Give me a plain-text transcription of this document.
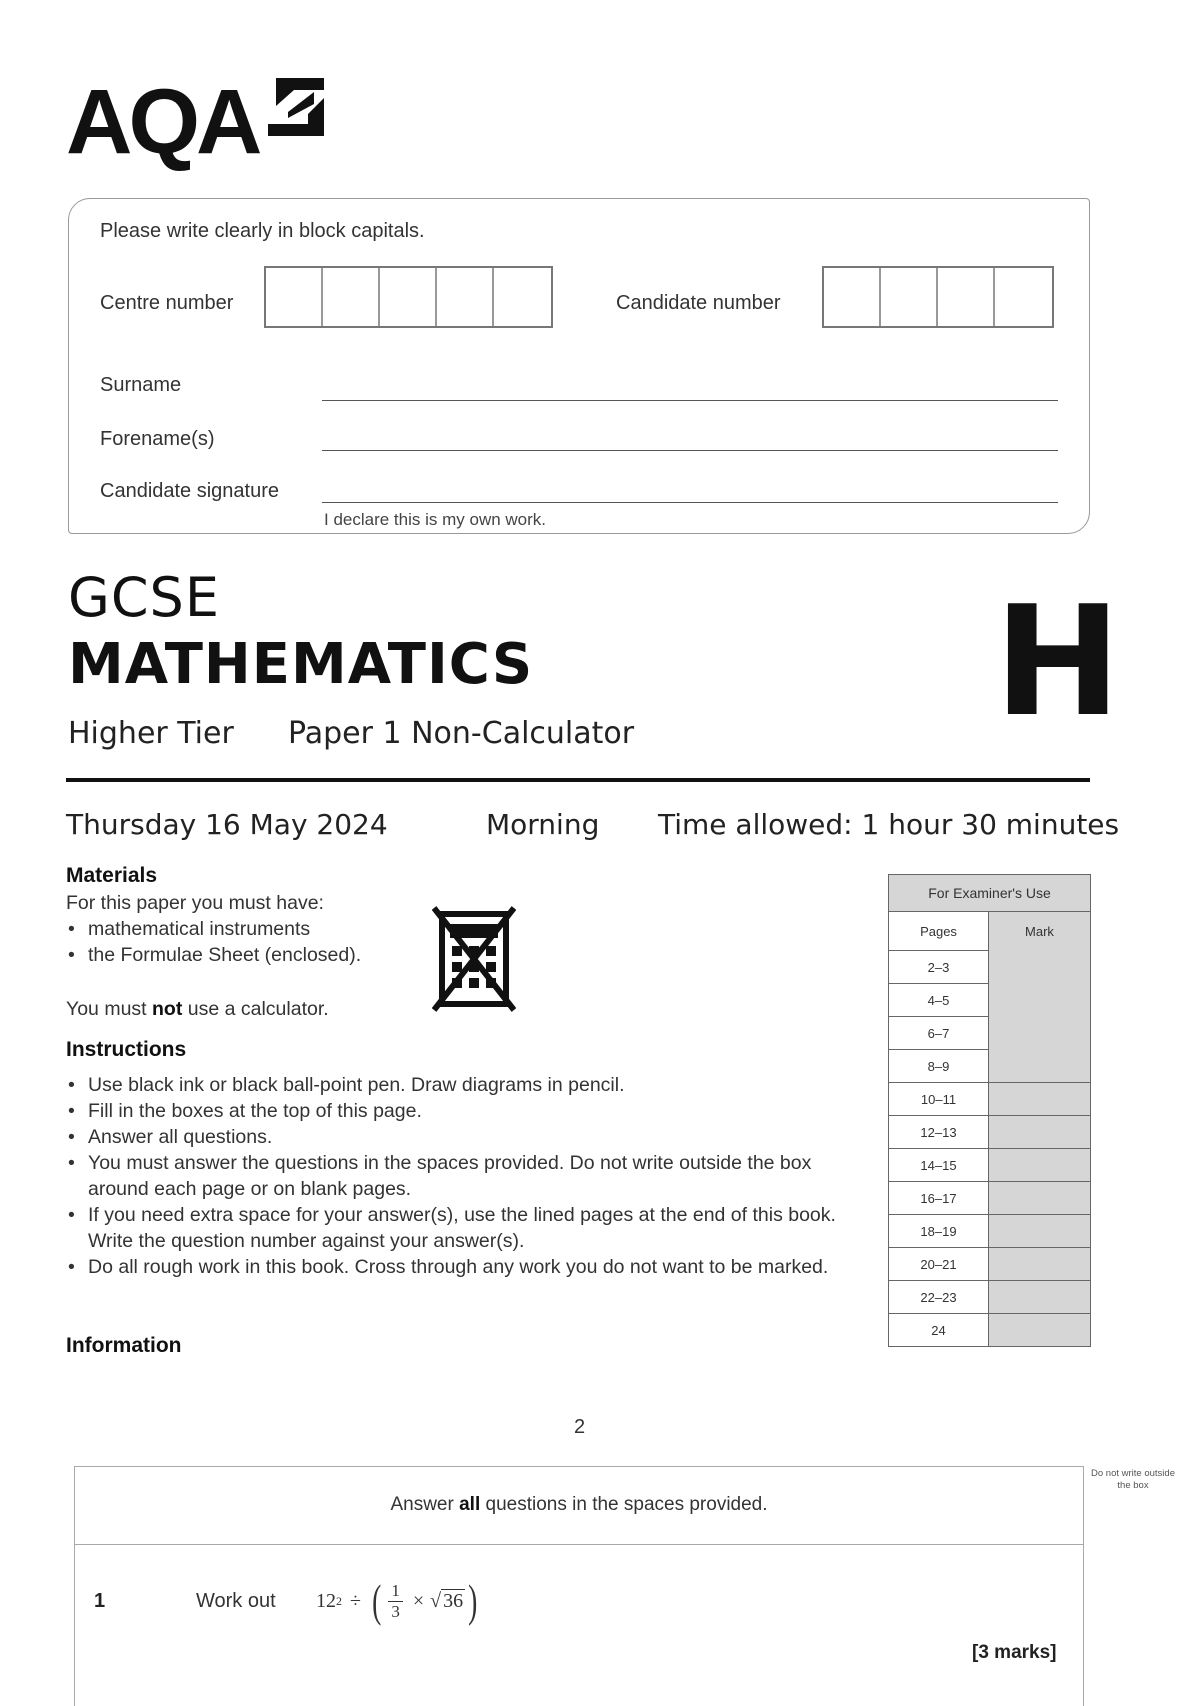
AQA
Please write clearly in block capitals.
Centre number	Candidate number
Surname
Forename(s)
Candidate signature
I declare this is my own work.
GCSE
MATHEMATICS
Higher Tier Paper 1 Non-Calculator H
Thursday 16 May 2024	Morning Time allowed: 1 hour 30 minutes
Materials
For this paper you must have:
• mathematical instruments
• the Formulae Sheet (enclosed).
You must not use a calculator.
Instructions
• Use black ink or black ball-point pen. Draw diagrams in pencil.
• Fill in the boxes at the top of this page.
• Answer all questions.
• You must answer the questions in the spaces provided. Do not write outside the box around each page or on blank pages.
• If you need extra space for your answer(s), use the lined pages at the end of this book. Write the question number against your answer(s).
• Do all rough work in this book. Cross through any work you do not want to be marked.
Information
For Examiner's Use	
Pages	Mark
2–3	
4–5	
6–7	
8–9	
10–11	
12–13	
14–15	
16–17	
18–19	
20–21	
22–23	
24	
2
Do not write outside the box
Answer all questions in the spaces provided.
1	Work out 12 2 ÷ ( $\frac{1}{3}$ × √ 36 )
[3 marks]
